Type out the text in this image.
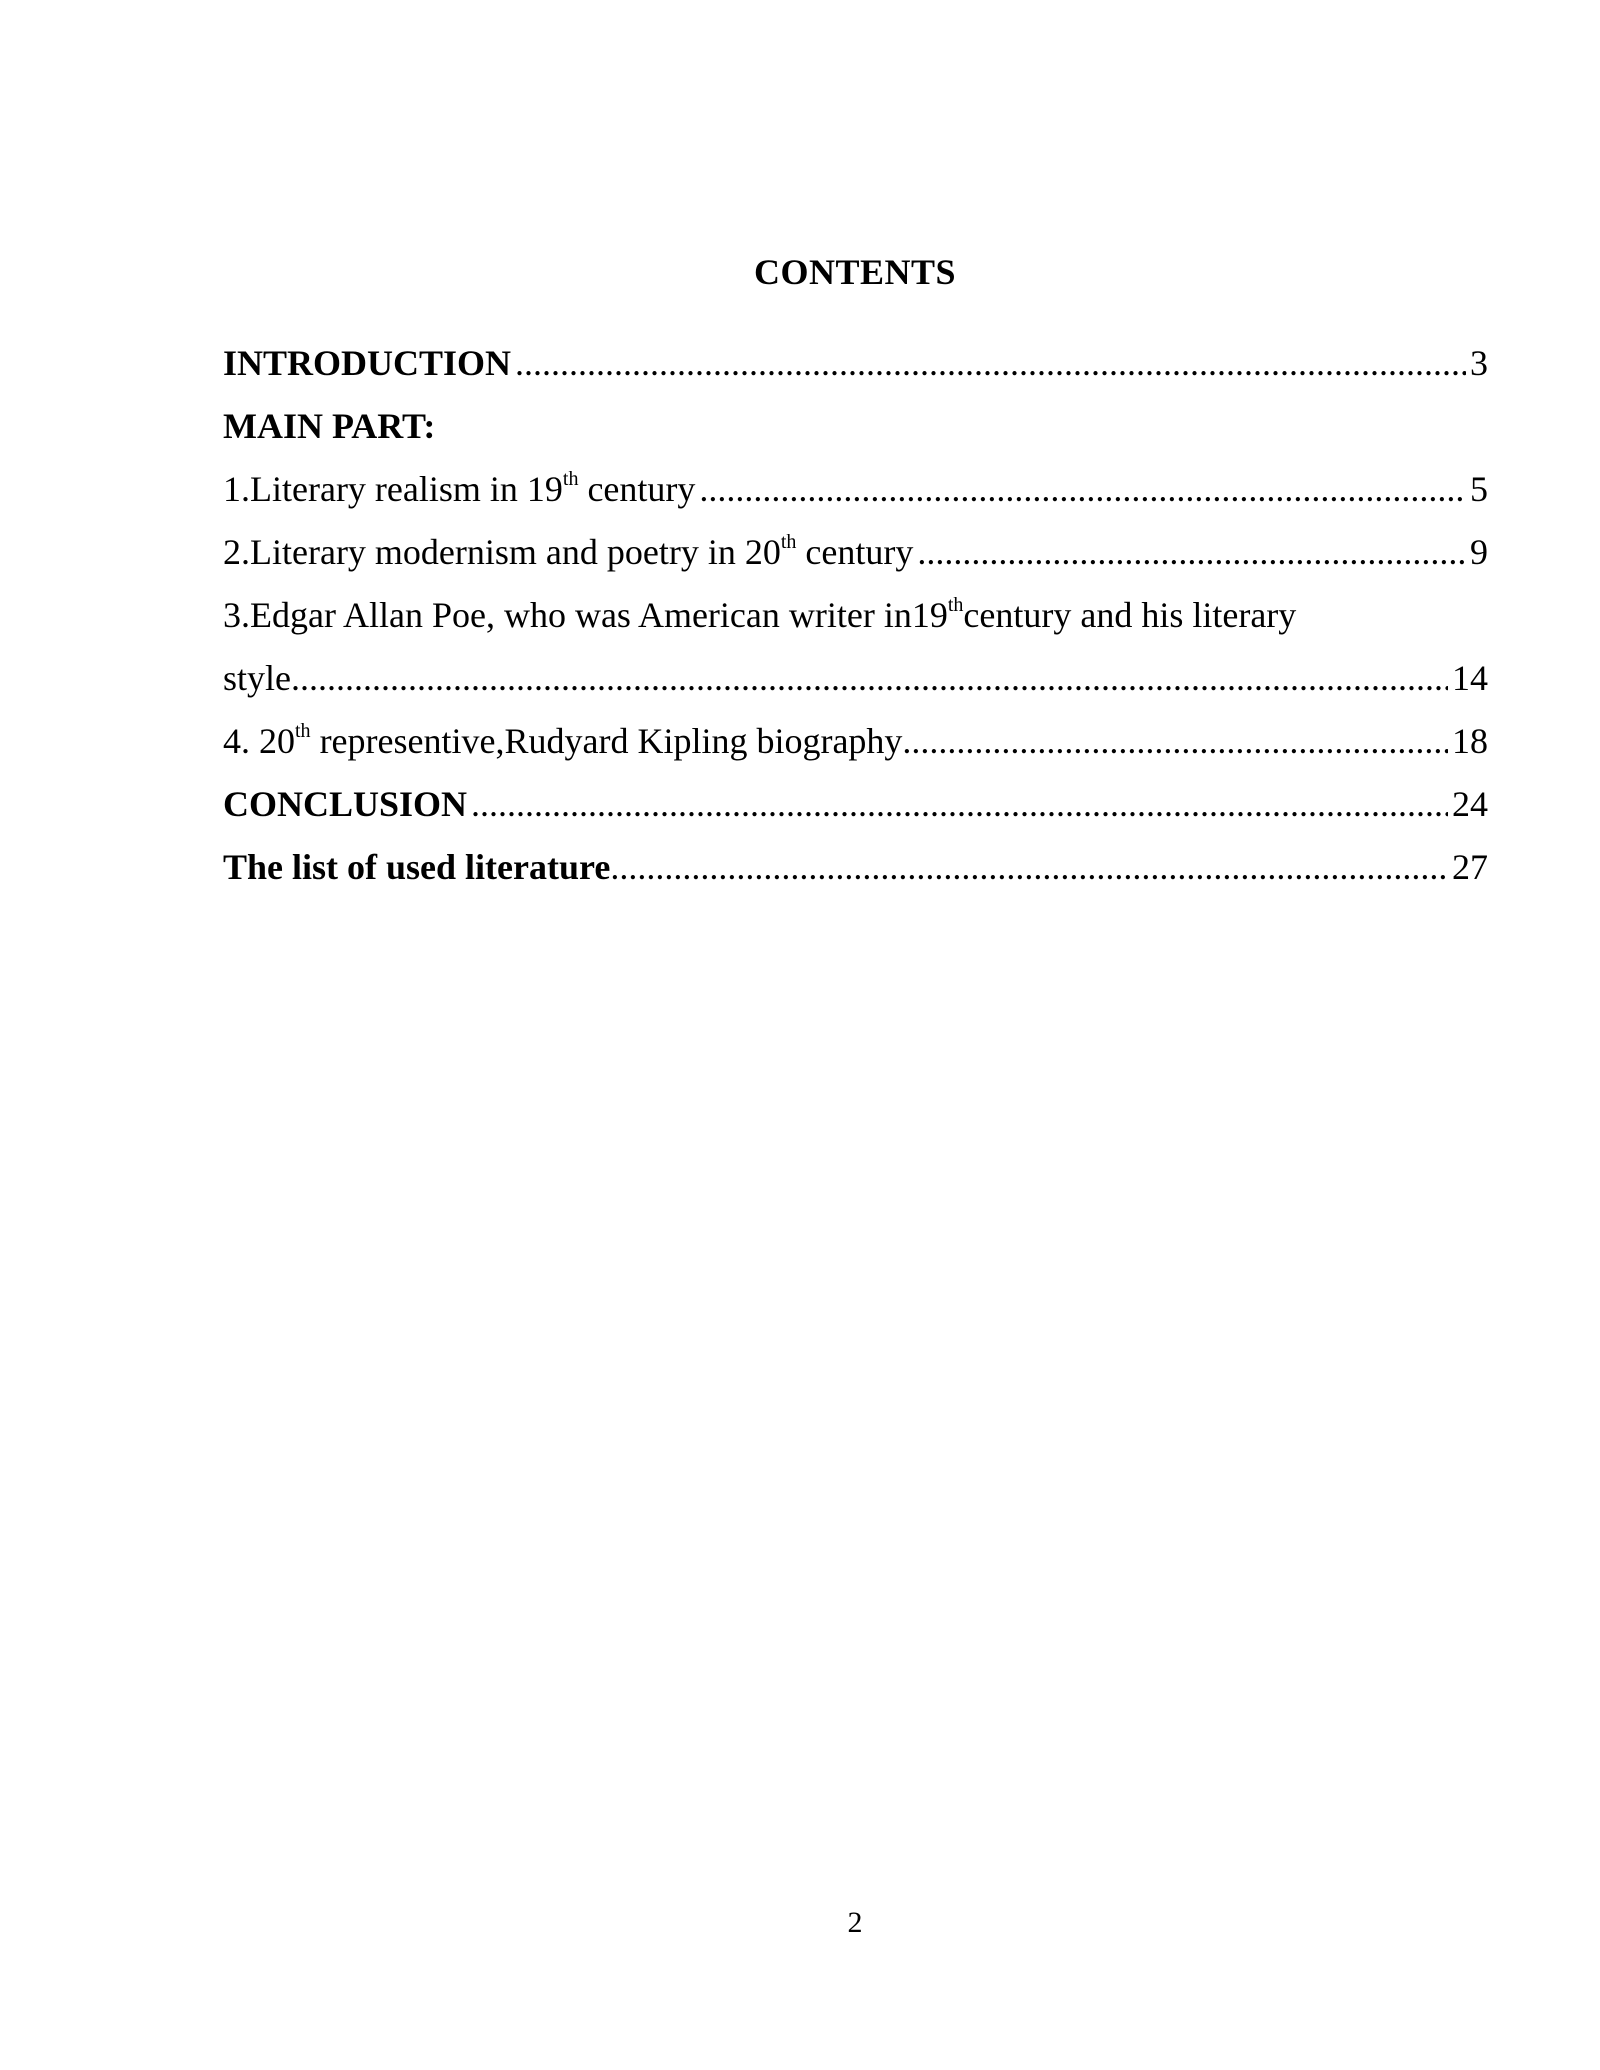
CONTENTS
INTRODUCTION .....	3
MAIN PART:
1.Literary realism in 19th century .....	5
2.Literary modernism and poetry in 20th century .....	9
3.Edgar Allan Poe, who was American writer in19thcentury and his literary
style .....	14
4. 20th representive,Rudyard Kipling biography .....	18
CONCLUSION .....	24
The list of used literature .....	27
2
